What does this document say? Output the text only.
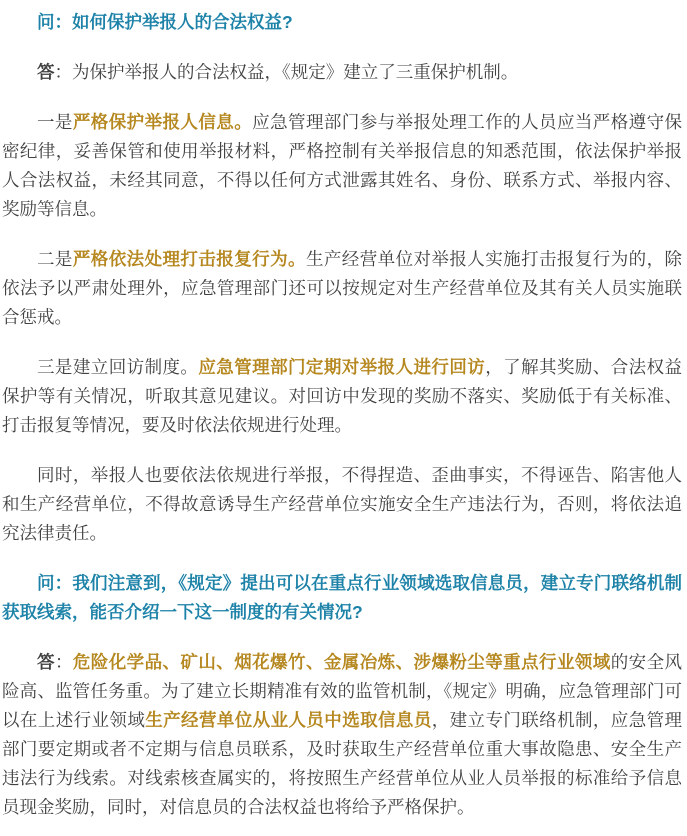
问：如何保护举报人的合法权益?

答：为保护举报人的合法权益，《规定》建立了三重保护机制。

一是严格保护举报人信息。应急管理部门参与举报处理工作的人员应当严格遵守保密纪律，妥善保管和使用举报材料，严格控制有关举报信息的知悉范围，依法保护举报人合法权益，未经其同意，不得以任何方式泄露其姓名、身份、联系方式、举报内容、奖励等信息。

二是严格依法处理打击报复行为。生产经营单位对举报人实施打击报复行为的，除依法予以严肃处理外，应急管理部门还可以按规定对生产经营单位及其有关人员实施联合惩戒。

三是建立回访制度。应急管理部门定期对举报人进行回访，了解其奖励、合法权益保护等有关情况，听取其意见建议。对回访中发现的奖励不落实、奖励低于有关标准、打击报复等情况，要及时依法依规进行处理。

同时，举报人也要依法依规进行举报，不得捏造、歪曲事实，不得诬告、陷害他人和生产经营单位，不得故意诱导生产经营单位实施安全生产违法行为，否则，将依法追究法律责任。

问：我们注意到，《规定》提出可以在重点行业领域选取信息员，建立专门联络机制获取线索，能否介绍一下这一制度的有关情况?

答：危险化学品、矿山、烟花爆竹、金属冶炼、涉爆粉尘等重点行业领域的安全风险高、监管任务重。为了建立长期精准有效的监管机制，《规定》明确，应急管理部门可以在上述行业领域生产经营单位从业人员中选取信息员，建立专门联络机制，应急管理部门要定期或者不定期与信息员联系，及时获取生产经营单位重大事故隐患、安全生产违法行为线索。对线索核查属实的，将按照生产经营单位从业人员举报的标准给予信息员现金奖励，同时，对信息员的合法权益也将给予严格保护。
